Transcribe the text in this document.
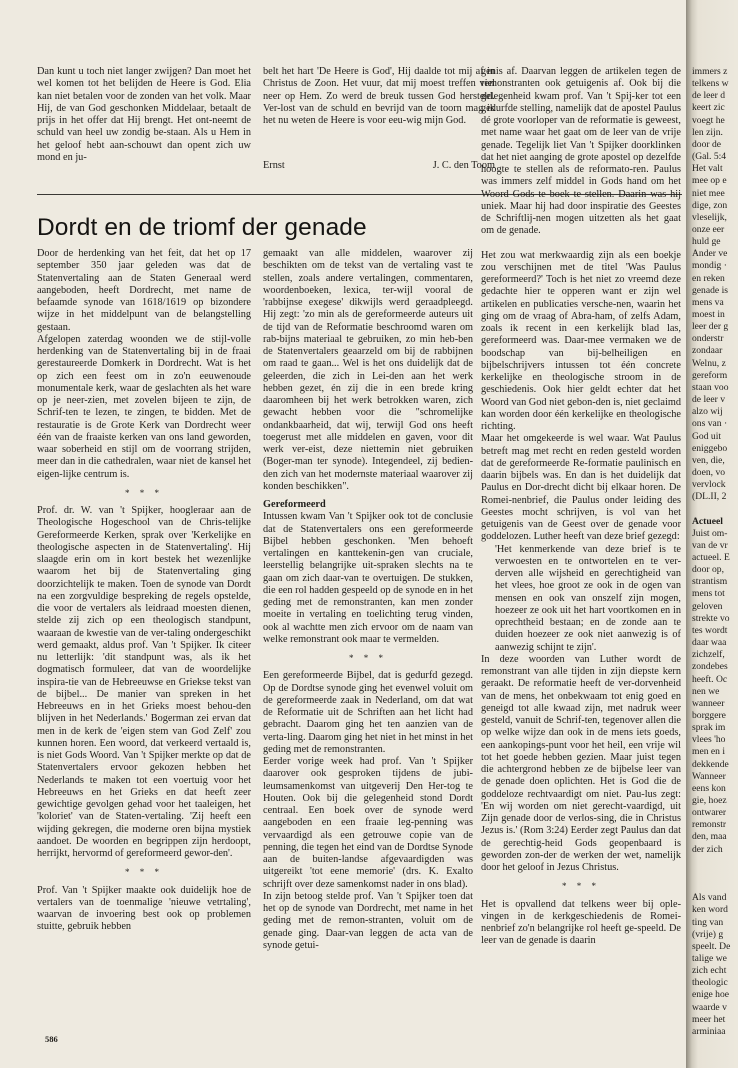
Dan kunt u toch niet langer zwijgen? Dan moet het wel komen tot het belijden de Heere is God. Elia kan niet betalen voor de zonden van het volk. Maar Hij, de van God geschonken Middelaar, betaalt de prijs in het offer dat Hij brengt. Het ont-neemt de schuld van heel uw zondig be-staan. Als u Hem in het geloof hebt aan-schouwt dan opent zich uw mond en ju-

belt het hart 'De Heere is God', Hij daalde tot mij af in Christus de Zoon. Het vuur, dat mij moest treffen viel neer op Hem. Zo werd de breuk tussen God hersteld. Ver-lost van de schuld en bevrijd van de toorn mag ik het nu weten de Heere is voor eeu-wig mijn God.

Ernst	J. C. den Toom
Dordt en de triomf der genade

Door de herdenking van het feit, dat het op 17 september 350 jaar geleden was dat de Statenvertaling aan de Staten Generaal werd aangeboden, heeft Dordrecht, met name de befaamde synode van 1618/1619 op bizondere wijze in het middelpunt van de belangstelling gestaan.

Afgelopen zaterdag woonden we de stijl-volle herdenking van de Statenvertaling bij in de fraai gerestaureerde Domkerk in Dordrecht. Wat is het op zich een feest om in zo'n eeuwenoude monumentale kerk, waar de geslachten als het ware op je neer-zien, met zovelen bijeen te zijn, de Schrif-ten te lezen, te zingen, te bidden. Met de restauratie is de Grote Kerk van Dordrecht weer één van de fraaiste kerken van ons land geworden, waar soberheid en stijl om de voorrang strijden, meer dan in die cathedralen, waar niet de kansel het eigen-lijke centrum is.

* * *

Prof. dr. W. van 't Spijker, hoogleraar aan de Theologische Hogeschool van de Chris-telijke Gereformeerde Kerken, sprak over 'Kerkelijke en theologische aspecten in de Statenvertaling'. Hij slaagde erin om in kort bestek het wezenlijke waarom het bij de Statenvertaling ging doorzichtelijk te maken. Toen de synode van Dordt na een zorgvuldige bespreking de regels opstelde, die voor de vertalers als leidraad moesten dienen, stelde zij zich op een theologisch standpunt, waaraan de kwestie van de ver-taling ondergeschikt werd gemaakt, aldus prof. Van 't Spijker. Ik citeer nu letterlijk: 'dit standpunt was, als ik het dogmatisch formuleer, dat van de woordelijke inspira-tie van de Hebreeuwse en Griekse tekst van de bijbel... De manier van spreken in het Hebreeuws en in het Grieks moest behou-den blijven in het Nederlands.' Bogerman zei ervan dat men in de kerk de 'eigen stem van God Zelf' zou kunnen horen. Een woord, dat verkeerd vertaald is, is niet Gods Woord. Van 't Spijker merkte op dat de Statenvertalers ervoor gekozen hebben het Nederlands te maken tot een voertuig voor het Hebreeuws en het Grieks en dat heeft zeer gewichtige gevolgen gehad voor het taaleigen, het 'koloriet' van de Staten-vertaling. 'Zij heeft een wijding gekregen, die moderne oren bijna mystiek aandoet. De woorden en begrippen zijn herdoopt, herrijkt, hervormd of gereformeerd gewor-den'.

* * *

Prof. Van 't Spijker maakte ook duidelijk hoe de vertalers van de toenmalige 'nieuwe vetrtaling', waarvan de invoering best ook op problemen stuitte, gebruik hebben

gemaakt van alle middelen, waarover zij beschikten om de tekst van de vertaling vast te stellen, zoals andere vertalingen, commentaren, woordenboeken, lexica, ter-wijl vooral de 'rabbijnse exegese' dikwijls werd geraadpleegd. Hij zegt: 'zo min als de gereformeerde auteurs uit de tijd van de Reformatie beschroomd waren om rab-bijns materiaal te gebruiken, zo min heb-ben de Statenvertalers geaarzeld om bij de rabbijnen om raad te gaan... Wel is het ons duidelijk dat de geleerden, die zich in Lei-den aan het werk hebben gezet, én zij die in een brede kring daaromheen bij het werk betrokken waren, zich gewacht hebben voor die "schromelijke ondankbaarheid, dat wij, terwijl God ons heeft toegerust met alle middelen en gaven, voor dit werk ver-eist, deze niettemin niet gebruiken (Boger-man ter synode). Integendeel, zij bedien-den zich van het modernste materiaal waarover zij konden beschikken".

Gereformeerd

Intussen kwam Van 't Spijker ook tot de conclusie dat de Statenvertalers ons een gereformeerde Bijbel hebben geschonken. 'Men behoeft vertalingen en kanttekenin-gen van cruciale, leerstellig belangrijke uit-spraken slechts na te gaan om zich daar-van te overtuigen. De stukken, die een rol hadden gespeeld op de synode en in het geding met de remonstranten, kan men zonder moeite in vertaling en toelichting terug vinden, ook al wachtte men zich ervoor om de naam van welke remonstrant ook maar te vermelden.

* * *

Een gereformeerde Bijbel, dat is gedurfd gezegd. Op de Dordtse synode ging het evenwel voluit om de gereformeerde zaak in Nederland, om dat wat de Reformatie uit de Schriften aan het licht had gebracht. Daarom ging het ten aanzien van de verta-ling. Daarom ging het niet in het minst in het geding met de remonstranten.

Eerder vorige week had prof. Van 't Spijker daarover ook gesproken tijdens de jubi-leumsamenkomst van uitgeverij Den Her-tog te Houten. Ook bij die gelegenheid stond Dordt centraal. Een boek over de synode werd aangeboden en een fraaie leg-penning was vervaardigd als een getrouwe copie van de penning, die tegen het eind van de Dordtse Synode aan de buiten-landse afgevaardigden was uitgereikt 'tot eene memorie' (drs. K. Exalto schrijft over deze samenkomst nader in ons blad).

In zijn betoog stelde prof. Van 't Spijker toen dat het op de synode van Dordrecht, met name in het geding met de remon-stranten, voluit om de genade ging. Daar-van leggen de acta van de synode getui-

genis af. Daarvan leggen de artikelen tegen de remonstranten ook getuigenis af. Ook bij die gelegenheid kwam prof. Van 't Spij-ker tot een gedurfde stelling, namelijk dat de apostel Paulus dé grote voorloper van de reformatie is geweest, met name waar het gaat om de leer van de vrije genade. Tegelijk liet Van 't Spijker doorklinken dat het niet aanging de grote apostel op dezelfde hoogte te stellen als de reformato-ren. Paulus was immers zelf middel in Gods hand om het Woord Gods te boek te stellen. Daarin was hij uniek. Maar hij had door inspiratie des Geestes de Schriftlij-nen mogen uitzetten als het gaat om de genade.

Het zou wat merkwaardig zijn als een boekje zou verschijnen met de titel 'Was Paulus gereformeerd?' Toch is het niet zo vreemd deze gedachte hier te opperen want er zijn wel artikelen en publicaties versche-nen, waarin het ging om de vraag of Abra-ham, of zelfs Adam, zoals ik recent in een kerkelijk blad las, gereformeerd was. Daar-mee vermaken we de boodschap van bij-belheiligen en bijbelschrijvers intussen tot één concrete kerkelijke en theologische stroom in de geschiedenis. Ook hier geldt echter dat het Woord van God niet gebon-den is, niet geclaimd kan worden door één kerkelijke en theologische richting.

Maar het omgekeerde is wel waar. Wat Paulus betreft mag met recht en reden gesteld worden dat de gereformeerde Re-formatie paulinisch en daarin bijbels was. En dan is het duidelijk dat Paulus en Dor-drecht dicht bij elkaar horen. De Romei-nenbrief, die Paulus onder leiding des Geestes mocht schrijven, is vol van het getuigenis van de Geest over de genade voor goddelozen. Luther heeft van deze brief gezegd:

'Het kenmerkende van deze brief is te verwoesten en te ontwortelen en te ver-derven alle wijsheid en gerechtigheid van het vlees, hoe groot ze ook in de ogen van mensen en ook van onszelf zijn mogen, hoezeer ze ook uit het hart voortkomen en in oprechtheid bestaan; en de zonde aan te duiden hoezeer ze ook niet aanwezig is of aanwezig schijnt te zijn'.

In deze woorden van Luther wordt de remonstrant van alle tijden in zijn diepste kern geraakt. De reformatie heeft de ver-dorvenheid van de mens, het onbekwaam tot enig goed en geneigd tot alle kwaad zijn, met nadruk weer gesteld, vanuit de Schrif-ten, tegenover allen die op welke wijze dan ook in de mens iets goeds, een aankopings-punt voor het heil, een vrije wil tot het goede hebben gezien. Maar juist tegen die achtergrond hebben ze de bijbelse leer van de genade doen oplichten. Het is God die de goddeloze rechtvaardigt om niet. Pau-lus zegt: 'En wij worden om niet gerecht-vaardigd, uit Zijn genade door de verlos-sing, die in Christus Jezus is.' (Rom 3:24) Eerder zegt Paulus dan dat de gerechtig-heid Gods geopenbaard is geworden zon-der de werken der wet, namelijk door het geloof in Jezus Christus.

* * *

Het is opvallend dat telkens weer bij ople-vingen in de kerkgeschiedenis de Romei-nenbrief zo'n belangrijke rol heeft ge-speeld. De leer van de genade is daarin

586
immers z
telkens w
de leer d
keert zic
voegt he
len zijn.
door de
(Gal. 5:4
Het valt
mee op e
niet mee
dige, zon
vleselijk,
onze eer
huld ge
Ander ve
mondig ·
en reken
genade is
mens va
moest in
leer der g
onderstr
zondaar
Welnu, z
gereform
staan voo
de leer v
alzo wij
ons van ·
God uit
eniggebo
ven, die,
doen, vo
vervlock
(DL.II, 2
Actueel
Juist om-
van de vr
actueel. E
door op,
strantism
mens tot
geloven
strekte vo
tes wordt
daar waa
zichzelf,
zondebes
heeft. Oc
nen we
wanneer
borggere
sprak im
vlees 'ho
men en i
dekkende
Wanneer
eens kon
gie, hoez
ontwarer
remonstr
den, maa
der zich
Als vand
ken word
ting van
(vrije) g
speelt. De
talige we
zich echt
theologic
enige hoe
waarde v
meer het
arminiaa
